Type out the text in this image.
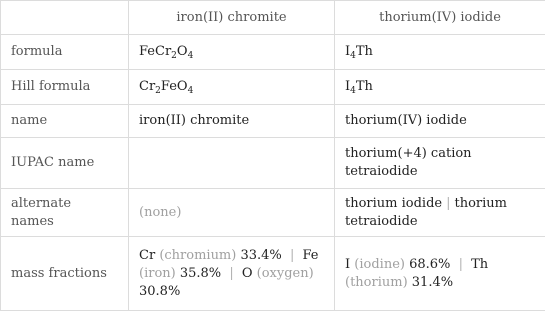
	iron(II) chromite	thorium(IV) iodide
formula	$FeCr_2O_4$	$I_4Th$
Hill formula	$Cr_2FeO_4$	$I_4Th$
name	iron(II) chromite	thorium(IV) iodide
IUPAC name		thorium(+4) cation tetraiodide
alternate names	(none)	thorium iodide | thorium tetraiodide
mass fractions	Cr (chromium) 33.4% | Fe (iron) 35.8% | O (oxygen) 30.8%	I (iodine) 68.6% | Th (thorium) 31.4%
